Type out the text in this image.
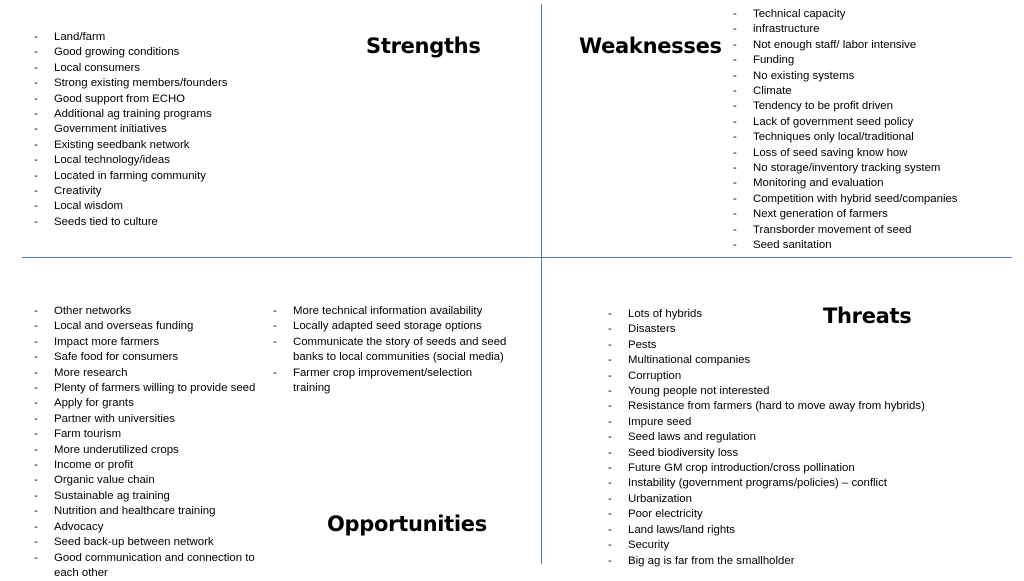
Strengths
- Land/farm
- Good growing conditions
- Local consumers
- Strong existing members/founders
- Good support from ECHO
- Additional ag training programs
- Government initiatives
- Existing seedbank network
- Local technology/ideas
- Located in farming community
- Creativity
- Local wisdom
- Seeds tied to culture
Weaknesses
- Technical capacity
- infrastructure
- Not enough staff/ labor intensive
- Funding
- No existing systems
- Climate
- Tendency to be profit driven
- Lack of government seed policy
- Techniques only local/traditional
- Loss of seed saving know how
- No storage/inventory tracking system
- Monitoring and evaluation
- Competition with hybrid seed/companies
- Next generation of farmers
- Transborder movement of seed
- Seed sanitation
Opportunities
- Other networks
- Local and overseas funding
- Impact more farmers
- Safe food for consumers
- More research
- Plenty of farmers willing to provide seed
- Apply for grants
- Partner with universities
- Farm tourism
- More underutilized crops
- Income or profit
- Organic value chain
- Sustainable ag training
- Nutrition and healthcare training
- Advocacy
- Seed back-up between network
- Good communication and connection to each other
- More technical information availability
- Locally adapted seed storage options
- Communicate the story of seeds and seed banks to local communities (social media)
- Farmer crop improvement/selection training
Threats
- Lots of hybrids
- Disasters
- Pests
- Multinational companies
- Corruption
- Young people not interested
- Resistance from farmers (hard to move away from hybrids)
- Impure seed
- Seed laws and regulation
- Seed biodiversity loss
- Future GM crop introduction/cross pollination
- Instability (government programs/policies) – conflict
- Urbanization
- Poor electricity
- Land laws/land rights
- Security
- Big ag is far from the smallholder
